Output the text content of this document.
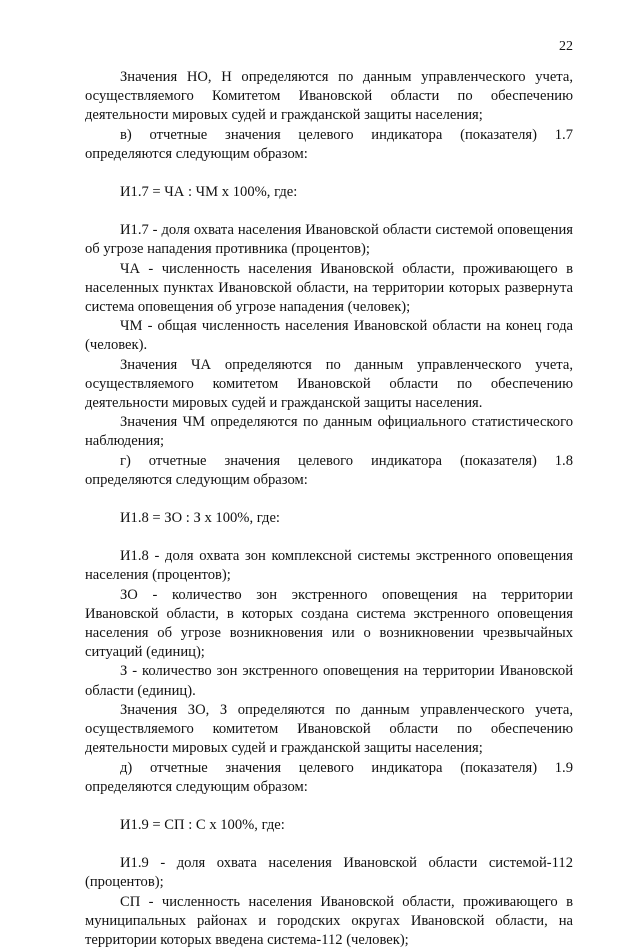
22

Значения НО, Н определяются по данным управленческого учета, осуществляемого Комитетом Ивановской области по обеспечению деятельности мировых судей и гражданской защиты населения;

в) отчетные значения целевого индикатора (показателя) 1.7 определяются следующим образом:

И1.7 = ЧА : ЧМ х 100%, где:

И1.7 - доля охвата населения Ивановской области системой оповещения об угрозе нападения противника (процентов);

ЧА - численность населения Ивановской области, проживающего в населенных пунктах Ивановской области, на территории которых развернута система оповещения об угрозе нападения (человек);

ЧМ - общая численность населения Ивановской области на конец года (человек).

Значения ЧА определяются по данным управленческого учета, осуществляемого комитетом Ивановской области по обеспечению деятельности мировых судей и гражданской защиты населения.

Значения ЧМ определяются по данным официального статистического наблюдения;

г) отчетные значения целевого индикатора (показателя) 1.8 определяются следующим образом:

И1.8 = ЗО : З х 100%, где:

И1.8 - доля охвата зон комплексной системы экстренного оповещения населения (процентов);

ЗО - количество зон экстренного оповещения на территории Ивановской области, в которых создана система экстренного оповещения населения об угрозе возникновения или о возникновении чрезвычайных ситуаций (единиц);

З - количество зон экстренного оповещения на территории Ивановской области (единиц).

Значения ЗО, З определяются по данным управленческого учета, осуществляемого комитетом Ивановской области по обеспечению деятельности мировых судей и гражданской защиты населения;

д) отчетные значения целевого индикатора (показателя) 1.9 определяются следующим образом:

И1.9 = СП : С х 100%, где:

И1.9 - доля охвата населения Ивановской области системой-112 (процентов);

СП - численность населения Ивановской области, проживающего в муниципальных районах и городских округах Ивановской области, на территории которых введена система-112 (человек);
